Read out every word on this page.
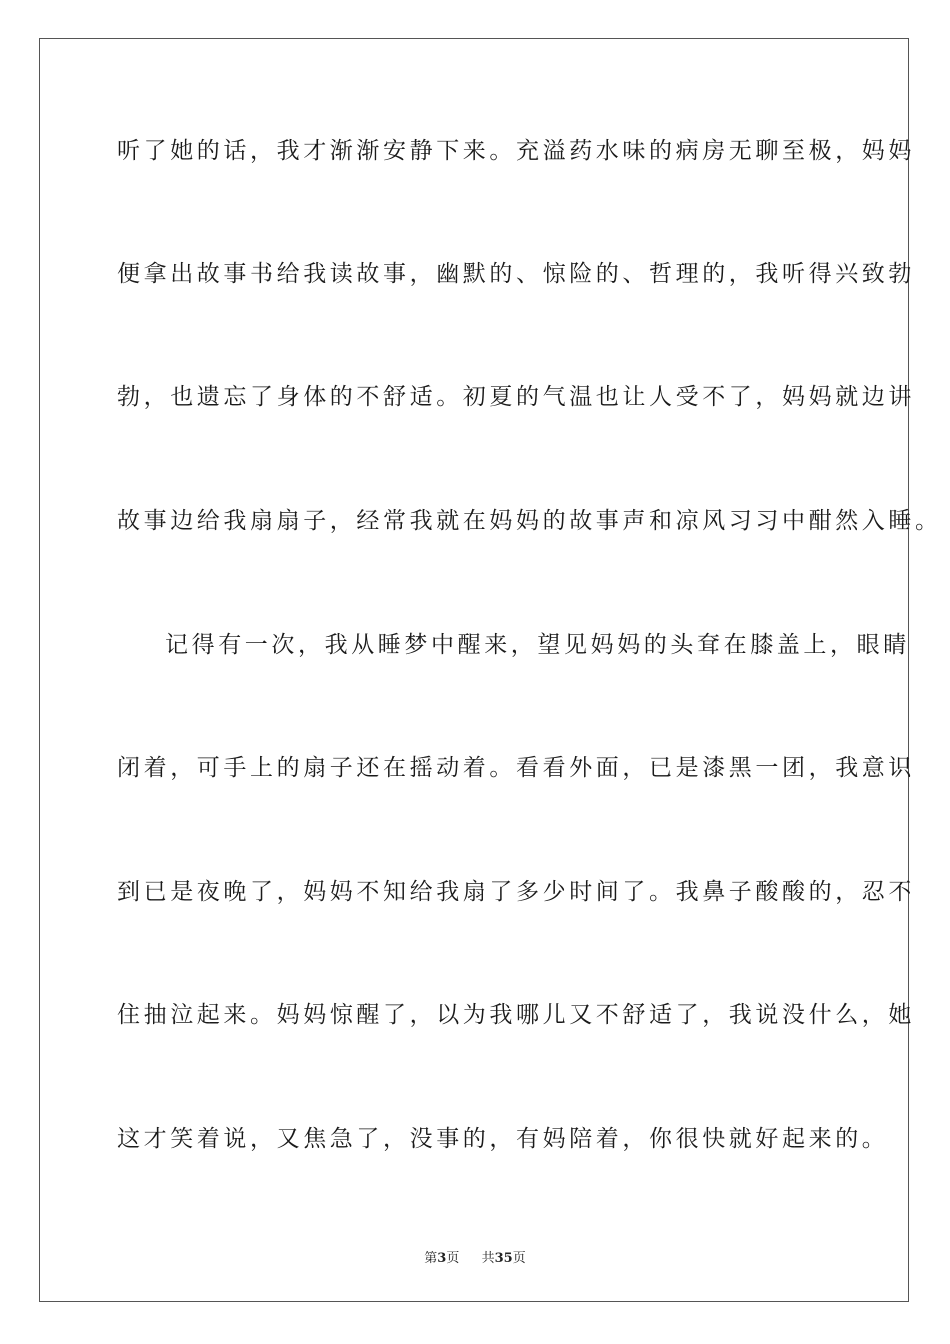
听了她的话，我才渐渐安静下来。充溢药水味的病房无聊至极，妈妈
便拿出故事书给我读故事，幽默的、惊险的、哲理的，我听得兴致勃
勃，也遗忘了身体的不舒适。初夏的气温也让人受不了，妈妈就边讲
故事边给我扇扇子，经常我就在妈妈的故事声和凉风习习中酣然入睡。
记得有一次，我从睡梦中醒来，望见妈妈的头耷在膝盖上，眼睛
闭着，可手上的扇子还在摇动着。看看外面，已是漆黑一团，我意识
到已是夜晚了，妈妈不知给我扇了多少时间了。我鼻子酸酸的，忍不
住抽泣起来。妈妈惊醒了，以为我哪儿又不舒适了，我说没什么，她
这才笑着说，又焦急了，没事的，有妈陪着，你很快就好起来的。
第3页 共35页
